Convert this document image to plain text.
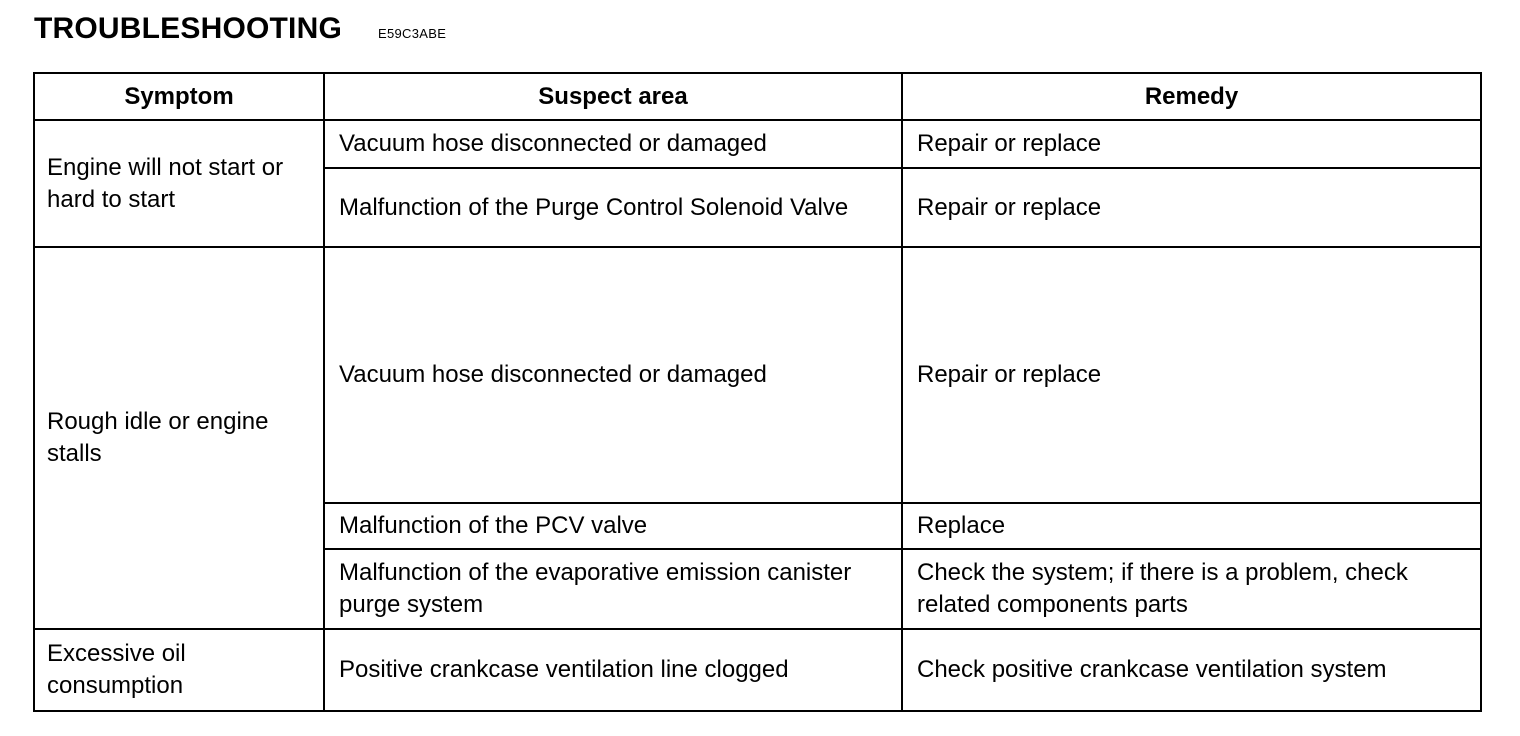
TROUBLESHOOTING	E59C3ABE
Symptom	Suspect area	Remedy
Engine will not start or hard to start	Vacuum hose disconnected or damaged	Repair or replace
	Malfunction of the Purge Control Solenoid Valve	Repair or replace
Rough idle or engine stalls	Vacuum hose disconnected or damaged	Repair or replace
	Malfunction of the PCV valve	Replace
	Malfunction of the evaporative emission canister purge system	Check the system; if there is a problem, check related components parts
Excessive oil consumption	Positive crankcase ventilation line clogged	Check positive crankcase ventilation system
